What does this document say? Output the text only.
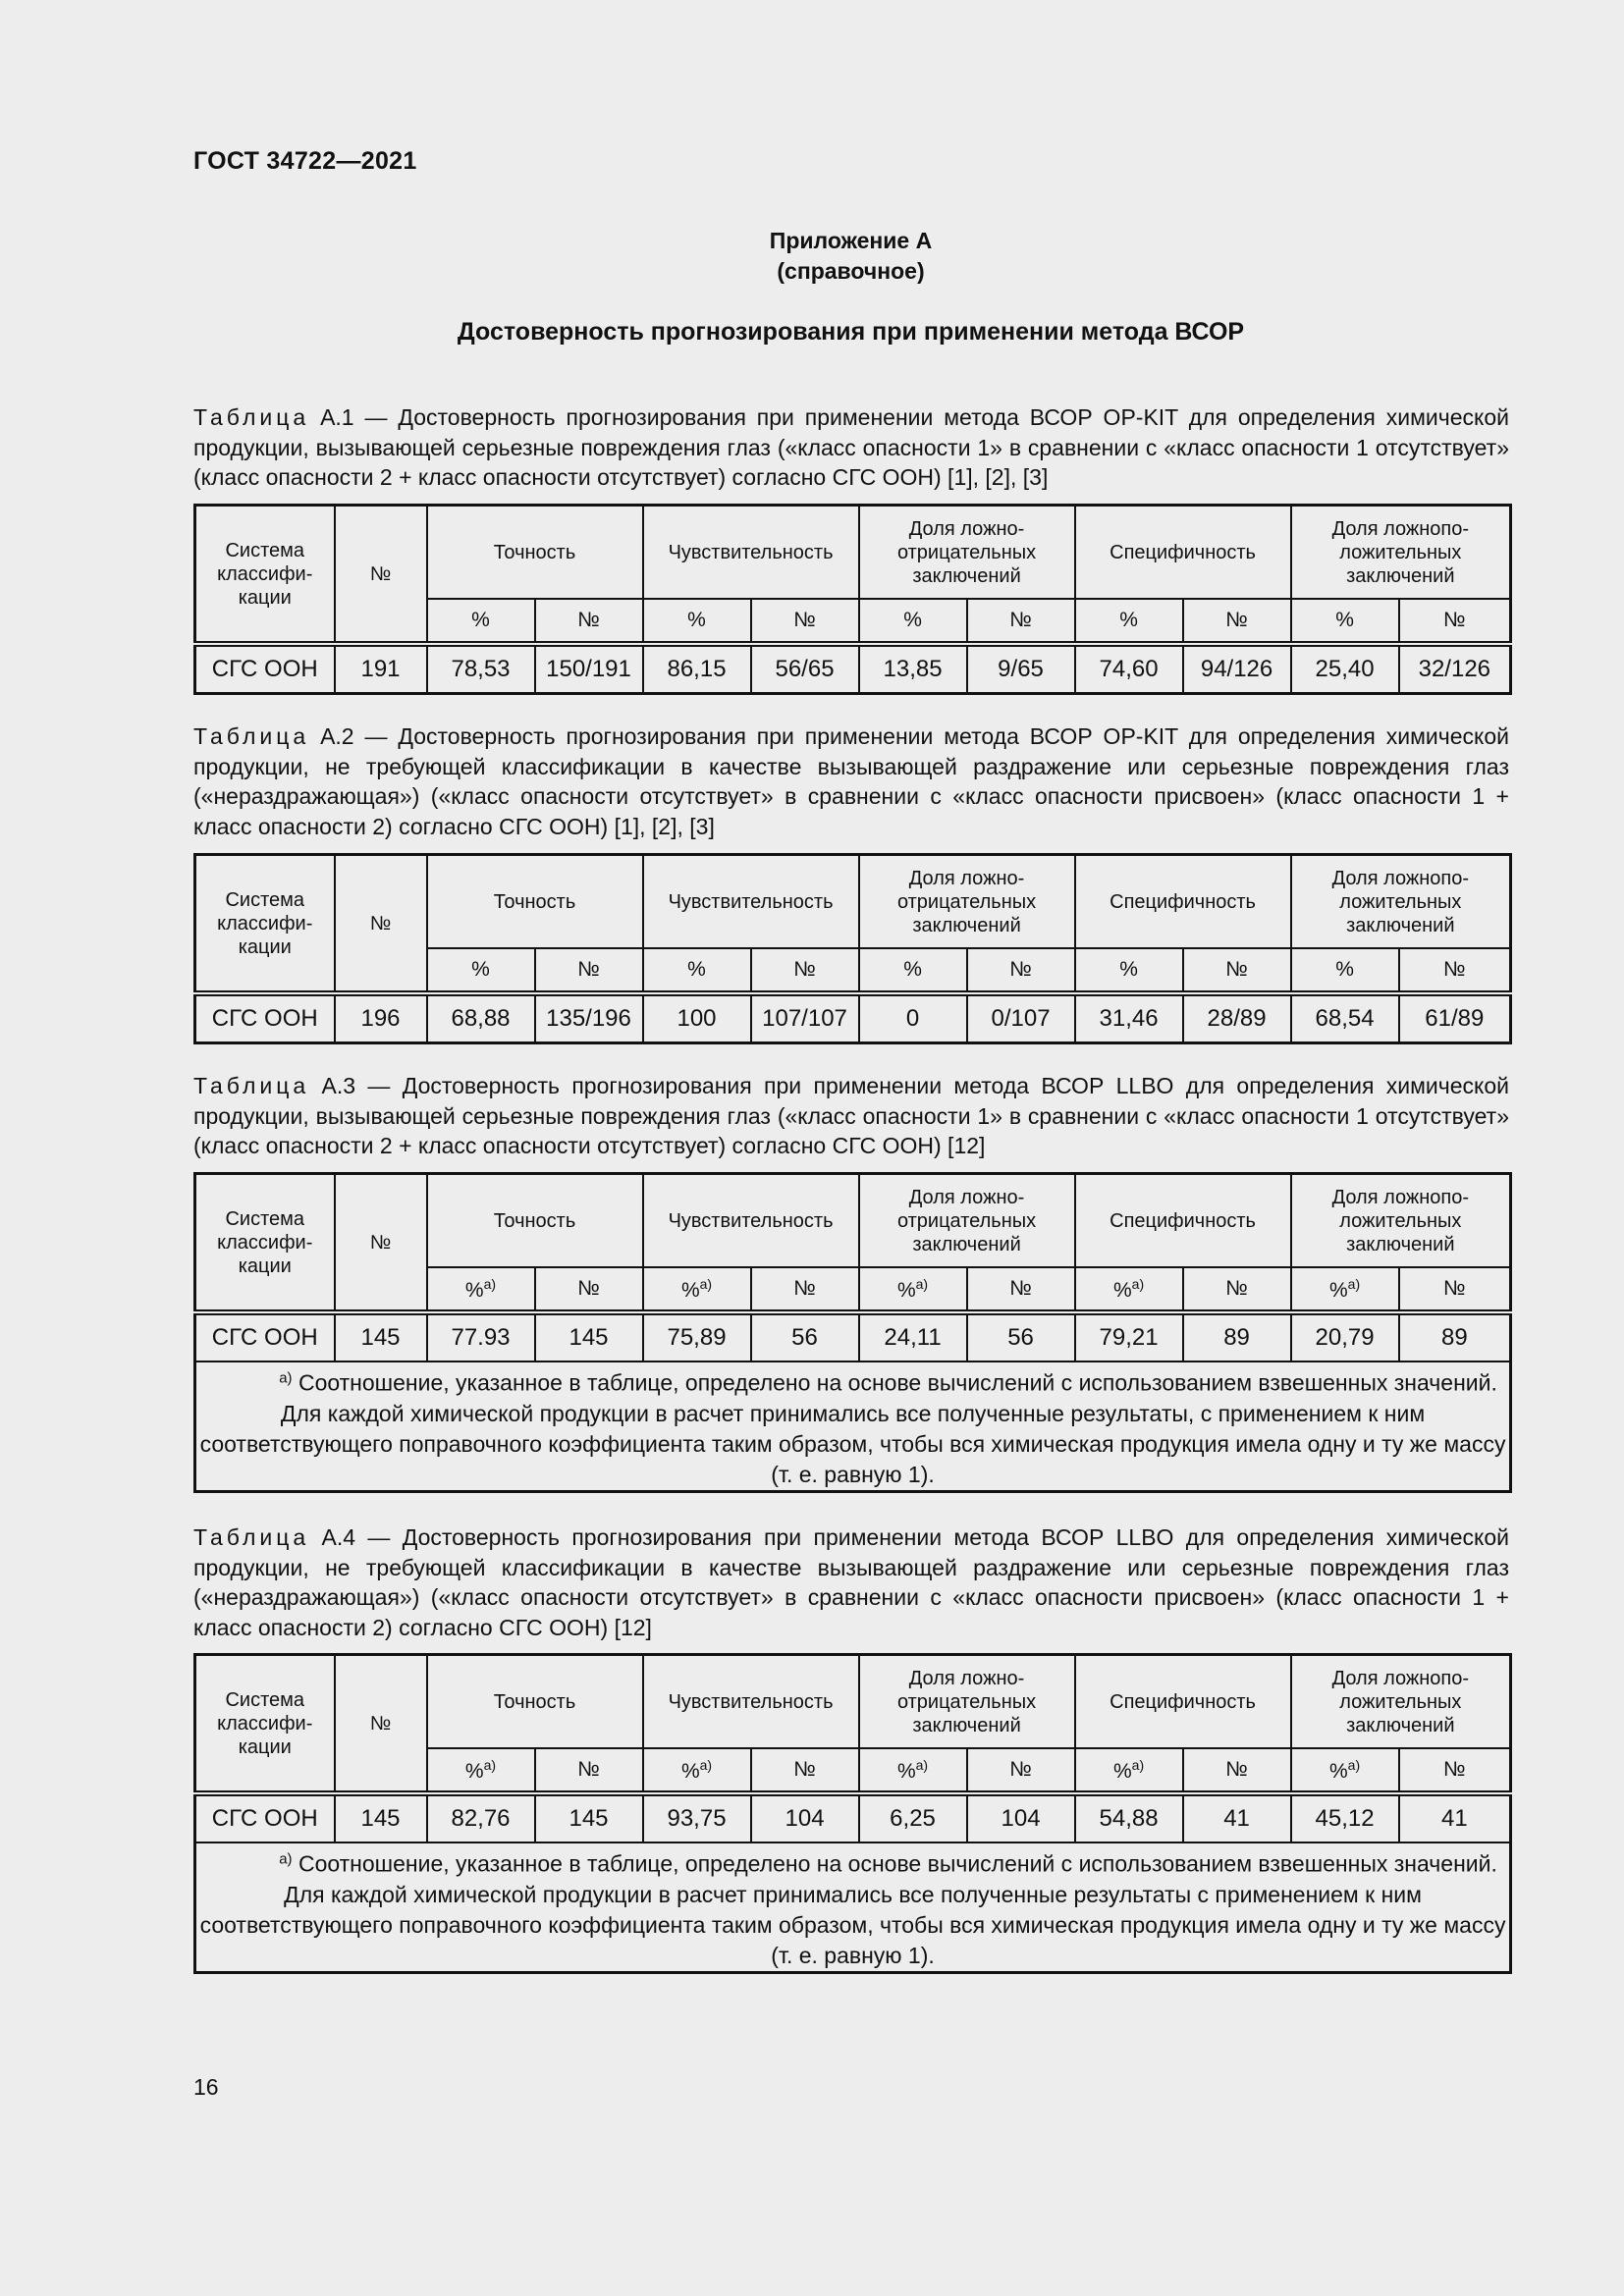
ГОСТ 34722—2021
Приложение А
(справочное)
Достоверность прогнозирования при применении метода ВСОР
Таблица А.1 — Достоверность прогнозирования при применении метода ВСОР OP-KIT для определения химической продукции, вызывающей серьезные повреждения глаз («класс опасности 1» в сравнении с «класс опасности 1 отсутствует» (класс опасности 2 + класс опасности отсутствует) согласно СГС ООН) [1], [2], [3]
Система классифи- кации	№	Точность		Чувствительность		Доля ложно- отрицательных заключений		Специфичность		Доля ложнопо- ложительных заключений	
		%	№	%	№	%	№	%	№	%	№
СГС ООН	191	78,53	150/191	86,15	56/65	13,85	9/65	74,60	94/126	25,40	32/126
Таблица А.2 — Достоверность прогнозирования при применении метода ВСОР OP-KIT для определения химической продукции, не требующей классификации в качестве вызывающей раздражение или серьезные повреждения глаз («нераздражающая») («класс опасности отсутствует» в сравнении с «класс опасности присвоен» (класс опасности 1 + класс опасности 2) согласно СГС ООН) [1], [2], [3]
Система классифи- кации	№	Точность		Чувствительность		Доля ложно- отрицательных заключений		Специфичность		Доля ложнопо- ложительных заключений	
		%	№	%	№	%	№	%	№	%	№
СГС ООН	196	68,88	135/196	100	107/107	0	0/107	31,46	28/89	68,54	61/89
Таблица А.3 — Достоверность прогнозирования при применении метода ВСОР LLBO для определения химической продукции, вызывающей серьезные повреждения глаз («класс опасности 1» в сравнении с «класс опасности 1 отсутствует» (класс опасности 2 + класс опасности отсутствует) согласно СГС ООН) [12]
Система классифи- кации	№	Точность		Чувствительность		Доля ложно- отрицательных заключений		Специфичность		Доля ложнопо- ложительных заключений	
		%$^{а)}$	№	%$^{а)}$	№	%$^{а)}$	№	%$^{а)}$	№	%$^{а)}$	№
СГС ООН	145	77.93	145	75,89	56	24,11	56	79,21	89	20,79	89
$^{а)}$ Соотношение, указанное в таблице, определено на основе вычислений с использованием взвешенных значений. Для каждой химической продукции в расчет принимались все полученные результаты, с применением к ним соответствующего поправочного коэффициента таким образом, чтобы вся химическая продукция имела одну и ту же массу (т. е. равную 1).											
Таблица А.4 — Достоверность прогнозирования при применении метода ВСОР LLBO для определения химической продукции, не требующей классификации в качестве вызывающей раздражение или серьезные повреждения глаз («нераздражающая») («класс опасности отсутствует» в сравнении с «класс опасности присвоен» (класс опасности 1 + класс опасности 2) согласно СГС ООН) [12]
Система классифи- кации	№	Точность		Чувствительность		Доля ложно- отрицательных заключений		Специфичность		Доля ложнопо- ложительных заключений	
		%$^{а)}$	№	%$^{а)}$	№	%$^{а)}$	№	%$^{а)}$	№	%$^{а)}$	№
СГС ООН	145	82,76	145	93,75	104	6,25	104	54,88	41	45,12	41
$^{а)}$ Соотношение, указанное в таблице, определено на основе вычислений с использованием взвешенных значений. Для каждой химической продукции в расчет принимались все полученные результаты с применением к ним соответствующего поправочного коэффициента таким образом, чтобы вся химическая продукция имела одну и ту же массу (т. е. равную 1).											
16
